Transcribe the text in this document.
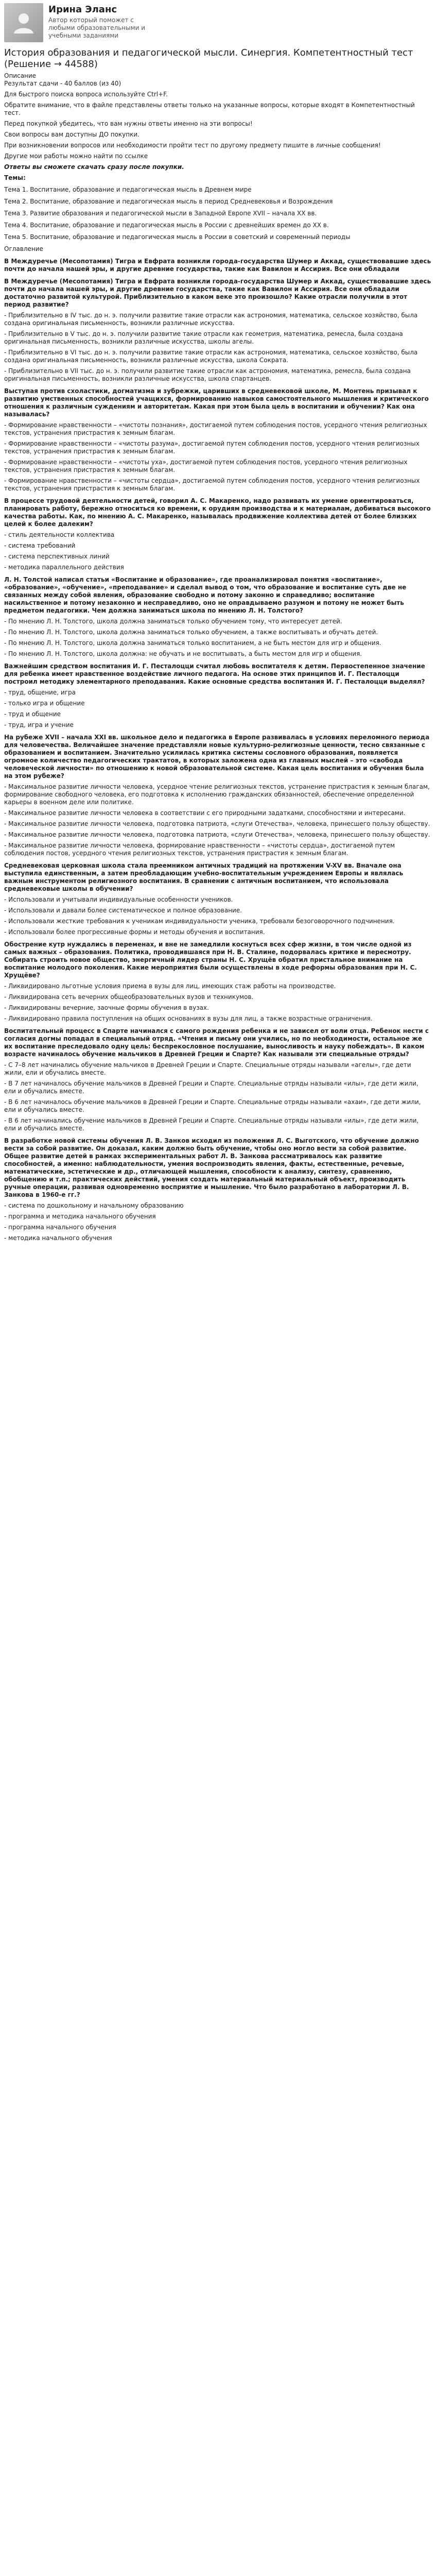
Ирина Эланс
Автор который поможет с любыми образовательными и учебными заданиями
История образования и педагогической мысли. Синергия. Компетентностный тест (Решение → 44588)

Описание

Результат сдачи - 40 баллов (из 40)

Для быстрого поиска вопроса используйте Ctrl+F.

Обратите внимание, что в файле представлены ответы только на указанные вопросы, которые входят в Компетентностный тест.

Перед покупкой убедитесь, что вам нужны ответы именно на эти вопросы!

Свои вопросы вам доступны ДО покупки.

При возникновении вопросов или необходимости пройти тест по другому предмету пишите в личные сообщения!

Другие мои работы можно найти по ссылке

Ответы вы сможете скачать сразу после покупки.

Темы:

Тема 1. Воспитание, образование и педагогическая мысль в Древнем мире

Тема 2. Воспитание, образование и педагогическая мысль в период Средневековья и Возрождения

Тема 3. Развитие образования и педагогической мысли в Западной Европе XVII – начала XX вв.

Тема 4. Воспитание, образование и педагогическая мысль в России с древнейших времен до XX в.

Тема 5. Воспитание, образование и педагогическая мысль в России в советский и современный периоды

Оглавление

В Междуречье (Месопотамия) Тигра и Евфрата возникли города-государства Шумер и Аккад, существовавшие здесь почти до начала нашей эры, и другие древние государства, такие как Вавилон и Ассирия. Все они обладали

В Междуречье (Месопотамия) Тигра и Евфрата возникли города-государства Шумер и Аккад, существовавшие здесь почти до начала нашей эры, и другие древние государства, такие как Вавилон и Ассирия. Все они обладали достаточно развитой культурой. Приблизительно в каком веке это произошло? Какие отрасли получили в этот период развитие?

- Приблизительно в IV тыс. до н. э. получили развитие такие отрасли как астрономия, математика, сельское хозяйство, была создана оригинальная письменность, возникли различные искусства.

- Приблизительно в V тыс. до н. э. получили развитие такие отрасли как геометрия, математика, ремесла, была создана оригинальная письменность, возникли различные искусства, школы агелы.

- Приблизительно в VI тыс. до н. э. получили развитие такие отрасли как астрономия, математика, сельское хозяйство, была создана оригинальная письменность, возникли различные искусства, школа Сократа.

- Приблизительно в VII тыс. до н. э. получили развитие такие отрасли как астрономия, математика, ремесла, была создана оригинальная письменность, возникли различные искусства, школа спартанцев.

Выступая против схоластики, догматизма и зубрежки, царивших в средневековой школе, М. Монтень призывал к развитию умственных способностей учащихся, формированию навыков самостоятельного мышления и критического отношения к различным суждениям и авторитетам. Какая при этом была цель в воспитании и обучении? Как она называлась?

- Формирование нравственности – «чистоты познания», достигаемой путем соблюдения постов, усердного чтения религиозных текстов, устранения пристрастия к земным благам.

- Формирование нравственности – «чистоты разума», достигаемой путем соблюдения постов, усердного чтения религиозных текстов, устранения пристрастия к земным благам.

- Формирование нравственности – «чистоты уха», достигаемой путем соблюдения постов, усердного чтения религиозных текстов, устранения пристрастия к земным благам.

- Формирование нравственности – «чистоты сердца», достигаемой путем соблюдения постов, усердного чтения религиозных текстов, устранения пристрастия к земным благам.

В процессе трудовой деятельности детей, говорил А. С. Макаренко, надо развивать их умение ориентироваться, планировать работу, бережно относиться ко времени, к орудиям производства и к материалам, добиваться высокого качества работы. Как, по мнению А. С. Макаренко, называлась продвижение коллектива детей от более близких целей к более далеким?

- стиль деятельности коллектива

- система требований

- система перспективных линий

- методика параллельного действия

Л. Н. Толстой написал статьи «Воспитание и образование», где проанализировал понятия «воспитание», «образование», «обучение», «преподавание» и сделал вывод о том, что образование и воспитание суть две не связанных между собой явления, образование свободно и потому законно и справедливо; воспитание насильственное и потому незаконно и несправедливо, оно не оправдываемо разумом и потому не может быть предметом педагогики. Чем должна заниматься школа по мнению Л. Н. Толстого?

- По мнению Л. Н. Толстого, школа должна заниматься только обучением тому, что интересует детей.

- По мнению Л. Н. Толстого, школа должна заниматься только обучением, а также воспитывать и обучать детей.

- По мнению Л. Н. Толстого, школа должна заниматься только воспитанием, а не быть местом для игр и общения.

- По мнению Л. Н. Толстого, школа должна: не обучать и не воспитывать, а быть местом для игр и общения.

Важнейшим средством воспитания И. Г. Песталоцци считал любовь воспитателя к детям. Первостепенное значение для ребенка имеет нравственное воздействие личного педагога. На основе этих принципов И. Г. Песталоцци построил методику элементарного преподавания. Какие основные средства воспитания И. Г. Песталоцци выделял?

- труд, общение, игра

- только игра и общение

- труд и общение

- труд, игра и учение

На рубеже XVII – начала XXI вв. школьное дело и педагогика в Европе развивалась в условиях переломного периода для человечества. Величайшее значение представляли новые культурно-религиозные ценности, тесно связанные с образованием и воспитанием. Значительно усилилась критика системы сословного образования, появляется огромное количество педагогических трактатов, в которых заложена одна из главных мыслей – это «свобода человеческой личности» по отношению к новой образовательной системе. Какая цель воспитания и обучения была на этом рубеже?

- Максимальное развитие личности человека, усердное чтение религиозных текстов, устранение пристрастия к земным благам, формирование свободного человека, его подготовка к исполнению гражданских обязанностей, обеспечение определенной карьеры в военном деле или политике.

- Максимальное развитие личности человека в соответствии с его природными задатками, способностями и интересами.

- Максимальное развитие личности человека, подготовка патриота, «слуги Отечества», человека, принесшего пользу обществу.

- Максимальное развитие личности человека, подготовка патриота, «слуги Отечества», человека, принесшего пользу обществу.

- Максимальное развитие личности человека, формирование нравственности – «чистоты сердца», достигаемой путем соблюдения постов, усердного чтения религиозных текстов, устранения пристрастия к земным благам.

Средневековая церковная школа стала преемником античных традиций на протяжении V-XV вв. Вначале она выступила единственным, а затем преобладающим учебно-воспитательным учреждением Европы и являлась важным инструментом религиозного воспитания. В сравнении с античным воспитанием, что использовала средневековые школы в обучении?

- Использовали и учитывали индивидуальные особенности учеников.

- Использовали и давали более систематическое и полное образование.

- Использовали жесткие требования к ученикам индивидуальности ученика, требовали безоговорочного подчинения.

- Использовали более прогрессивные формы и методы обучения и воспитания.

Обострение кутр нуждались в переменах, и вне не замедлили коснуться всех сфер жизни, в том числе одной из самых важных – образования. Политика, проводившаяся при Н. В. Сталине, подорвалась критике и пересмотру. Собирать строить новое общество, энергичный лидер страны Н. С. Хрущёв обратил пристальное внимание на воспитание молодого поколения. Какие мероприятия были осуществлены в ходе реформы образования при Н. С. Хрущёве?

- Ликвидировано льготные условия приема в вузы для лиц, имеющих стаж работы на производстве.

- Ликвидирована сеть вечерних общеобразовательных вузов и техникумов.

- Ликвидированы вечерние, заочные формы обучения в вузах.

- Ликвидировано правила поступления на общих основаниях в вузы для лиц, а также возрастные ограничения.

Воспитательный процесс в Спарте начинался с самого рождения ребенка и не зависел от воли отца. Ребенок нести с согласия догмы попадал в специальный отряд. «Чтения и письму они учились, но по необходимости, остальное же их воспитание преследовало одну цель: беспрекословное послушание, выносливость и науку побеждать». В каком возрасте начиналось обучение мальчиков в Древней Греции и Спарте? Как называли эти специальные отряды?

- С 7–8 лет начинались обучение мальчиков в Древней Греции и Спарте. Специальные отряды называли «агелы», где дети жили, ели и обучались вместе.

- В 7 лет начиналось обучение мальчиков в Древней Греции и Спарте. Специальные отряды называли «илы», где дети жили, ели и обучались вместе.

- В 6 лет начиналось обучение мальчиков в Древней Греции и Спарте. Специальные отряды называли «ахаи», где дети жили, ели и обучались вместе.

- В 6 лет начинались обучение мальчиков в Древней Греции и Спарте. Специальные отряды называли «илы», где дети жили, ели и обучались вместе.

В разработке новой системы обучения Л. В. Занков исходил из положения Л. С. Выготского, что обучение должно вести за собой развитие. Он доказал, каким должно быть обучение, чтобы оно могло вести за собой развитие. Общее развитие детей в рамках экспериментальных работ Л. В. Занкова рассматривалось как развитие способностей, а именно: наблюдательности, умения воспроизводить явления, факты, естественные, речевые, математические, эстетические и др., отличающей мышления, способности к анализу, синтезу, сравнению, обобщению и т.п.; практических действий, умения создать материальный материальный объект, производить ручные операции, развивая одновременно восприятие и мышление. Что было разработано в лаборатории Л. В. Занкова в 1960-е гг.?

- система по дошкольному и начальному образованию

- программа и методика начального обучения

- программа начального обучения

- методика начального обучения
